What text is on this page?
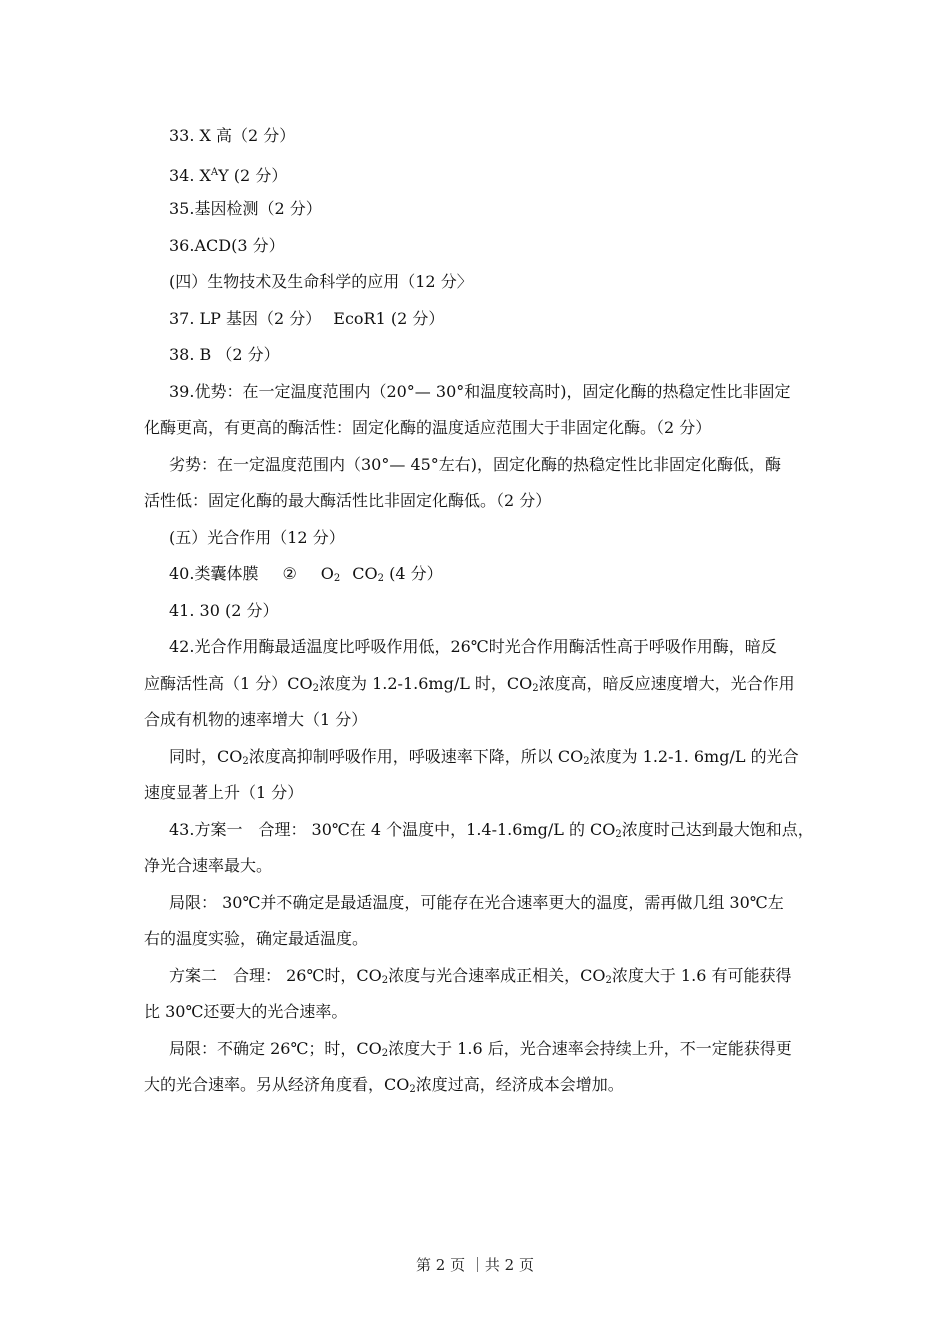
33. X 高（2 分）
34. $X^AY$ (2 分）
35.基因检测（2 分）
36.ACD(3 分）
(四）生物技术及生命科学的应用（12 分〉
37. LP 基因（2 分） EcoR1 (2 分）
38. B （2 分）
39.优势：在一定温度范围内（20°— 30°和温度较高时)，固定化酶的热稳定性比非固定
化酶更高，有更高的酶活性：固定化酶的温度适应范围大于非固定化酶。（2 分）
劣势：在一定温度范围内（30°— 45°左右)，固定化酶的热稳定性比非固定化酶低，酶
活性低：固定化酶的最大酶活性比非固定化酶低。（2 分）
(五）光合作用（12 分）
40.类囊体膜 ② $O_2$ $CO_2$ (4 分）
41. 30 (2 分）
42.光合作用酶最适温度比呼吸作用低，26℃时光合作用酶活性高于呼吸作用酶，暗反
应酶活性高（1 分）$CO_2$浓度为 1.2-1.6mg/L 时，$CO_2$浓度高，暗反应速度增大，光合作用
合成有机物的速率增大（1 分）
同时，$CO_2$浓度高抑制呼吸作用，呼吸速率下降，所以 $CO_2$浓度为 1.2-1. 6mg/L 的光合
速度显著上升（1 分）
43.方案一　合理： 30℃在 4 个温度中，1.4-1.6mg/L 的 $CO_2$浓度时己达到最大饱和点，
净光合速率最大。
局限： 30℃并不确定是最适温度，可能存在光合速率更大的温度，需再做几组 30℃左
右的温度实验，确定最适温度。
方案二　合理： 26℃时，$CO_2$浓度与光合速率成正相关，$CO_2$浓度大于 1.6 有可能获得
比 30℃还要大的光合速率。
局限：不确定 26℃；时，$CO_2$浓度大于 1.6 后，光合速率会持续上升，不一定能获得更
大的光合速率。另从经济角度看，$CO_2$浓度过高，经济成本会增加。
第 2 页 ｜共 2 页
